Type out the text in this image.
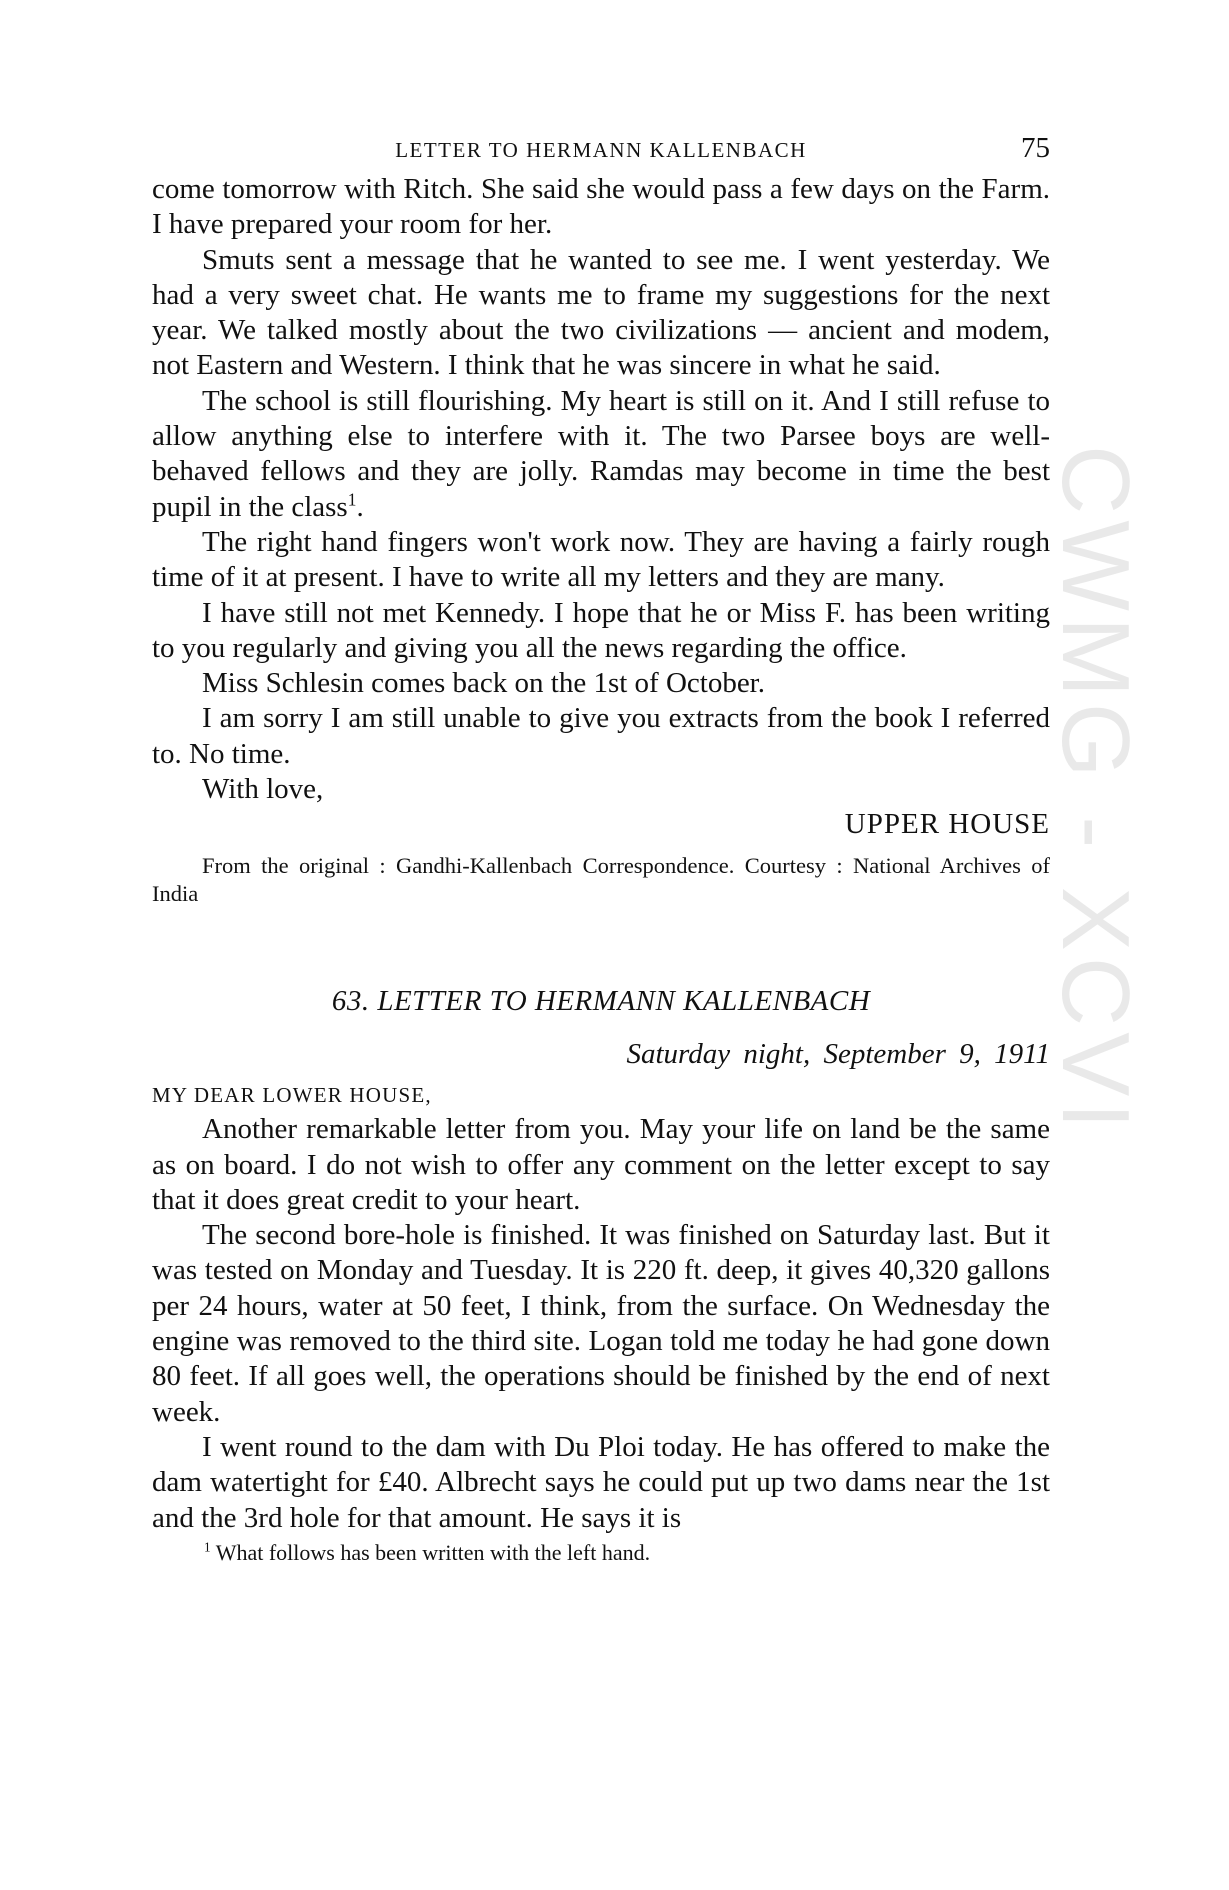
CWMG - XCVI
LETTER TO HERMANN KALLENBACH	75

come tomorrow with Ritch. She said she would pass a few days on the Farm. I have prepared your room for her.

Smuts sent a message that he wanted to see me. I went yesterday. We had a very sweet chat. He wants me to frame my suggestions for the next year. We talked mostly about the two civilizations — ancient and modem, not Eastern and Western. I think that he was sincere in what he said.

The school is still flourishing. My heart is still on it. And I still refuse to allow anything else to interfere with it. The two Parsee boys are well-behaved fellows and they are jolly. Ramdas may become in time the best pupil in the class$^1$.

The right hand fingers won't work now. They are having a fairly rough time of it at present. I have to write all my letters and they are many.

I have still not met Kennedy. I hope that he or Miss F. has been writing to you regularly and giving you all the news regarding the office.

Miss Schlesin comes back on the 1st of October.

I am sorry I am still unable to give you extracts from the book I referred to. No time.

With love,

UPPER HOUSE

From the original : Gandhi-Kallenbach Correspondence. Courtesy : National Archives of India

63. LETTER TO HERMANN KALLENBACH

Saturday night, September 9, 1911

MY DEAR LOWER HOUSE,

Another remarkable letter from you. May your life on land be the same as on board. I do not wish to offer any comment on the letter except to say that it does great credit to your heart.

The second bore-hole is finished. It was finished on Saturday last. But it was tested on Monday and Tuesday. It is 220 ft. deep, it gives 40,320 gallons per 24 hours, water at 50 feet, I think, from the surface. On Wednesday the engine was removed to the third site. Logan told me today he had gone down 80 feet. If all goes well, the operations should be finished by the end of next week.

I went round to the dam with Du Ploi today. He has offered to make the dam watertight for £40. Albrecht says he could put up two dams near the 1st and the 3rd hole for that amount. He says it is

$^1$ What follows has been written with the left hand.
